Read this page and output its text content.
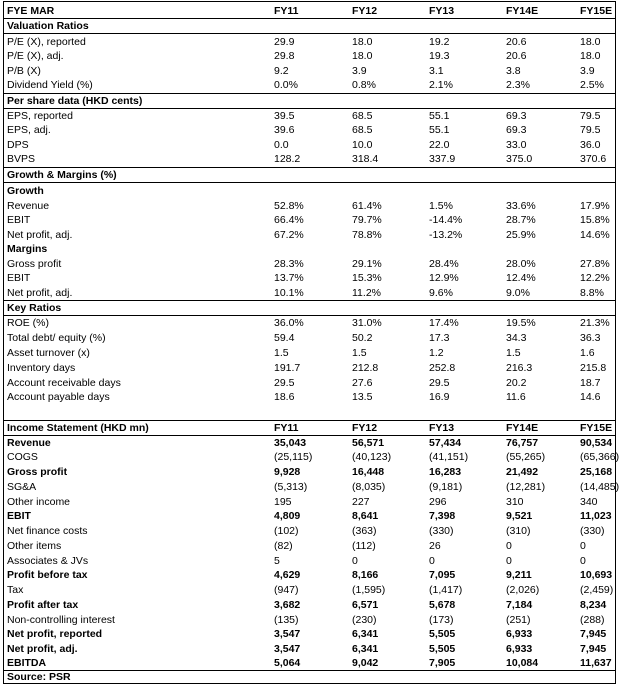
FYE MAR	FY11	FY12	FY13	FY14E	FY15E
Valuation Ratios
P/E (X), reported	29.9	18.0	19.2	20.6	18.0
P/E (X), adj.	29.8	18.0	19.3	20.6	18.0
P/B (X)	9.2	3.9	3.1	3.8	3.9
Dividend Yield (%)	0.0%	0.8%	2.1%	2.3%	2.5%
Per share data (HKD cents)
EPS, reported	39.5	68.5	55.1	69.3	79.5
EPS, adj.	39.6	68.5	55.1	69.3	79.5
DPS	0.0	10.0	22.0	33.0	36.0
BVPS	128.2	318.4	337.9	375.0	370.6
Growth & Margins (%)
Growth
Revenue	52.8%	61.4%	1.5%	33.6%	17.9%
EBIT	66.4%	79.7%	-14.4%	28.7%	15.8%
Net profit, adj.	67.2%	78.8%	-13.2%	25.9%	14.6%
Margins
Gross profit	28.3%	29.1%	28.4%	28.0%	27.8%
EBIT	13.7%	15.3%	12.9%	12.4%	12.2%
Net profit, adj.	10.1%	11.2%	9.6%	9.0%	8.8%
Key Ratios
ROE (%)	36.0%	31.0%	17.4%	19.5%	21.3%
Total debt/ equity (%)	59.4	50.2	17.3	34.3	36.3
Asset turnover (x)	1.5	1.5	1.2	1.5	1.6
Inventory days	191.7	212.8	252.8	216.3	215.8
Account receivable days	29.5	27.6	29.5	20.2	18.7
Account payable days	18.6	13.5	16.9	11.6	14.6
Income Statement (HKD mn)	FY11	FY12	FY13	FY14E	FY15E
Revenue	35,043	56,571	57,434	76,757	90,534
COGS	(25,115)	(40,123)	(41,151)	(55,265)	(65,366)
Gross profit	9,928	16,448	16,283	21,492	25,168
SG&A	(5,313)	(8,035)	(9,181)	(12,281)	(14,485)
Other income	195	227	296	310	340
EBIT	4,809	8,641	7,398	9,521	11,023
Net finance costs	(102)	(363)	(330)	(310)	(330)
Other items	(82)	(112)	26	0	0
Associates & JVs	5	0	0	0	0
Profit before tax	4,629	8,166	7,095	9,211	10,693
Tax	(947)	(1,595)	(1,417)	(2,026)	(2,459)
Profit after tax	3,682	6,571	5,678	7,184	8,234
Non-controlling interest	(135)	(230)	(173)	(251)	(288)
Net profit, reported	3,547	6,341	5,505	6,933	7,945
Net profit, adj.	3,547	6,341	5,505	6,933	7,945
EBITDA	5,064	9,042	7,905	10,084	11,637
Source: PSR
